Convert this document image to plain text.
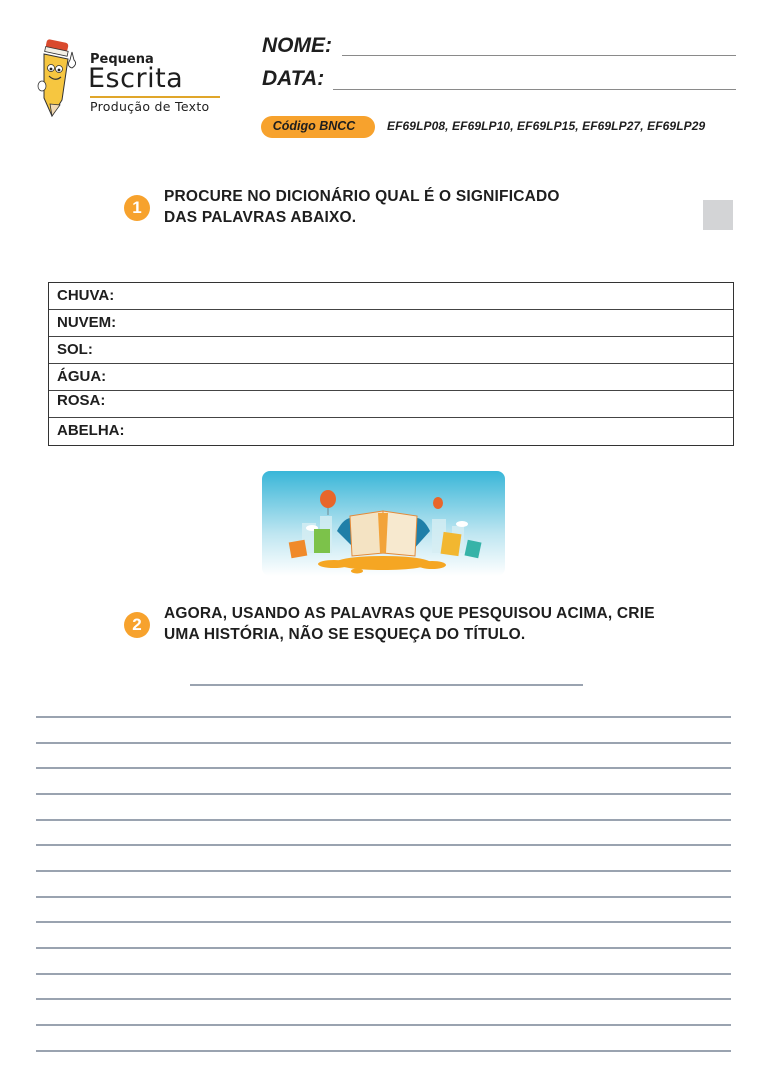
Pequena
Escrita
Produção de Texto
NOME:
DATA:
Código BNCC	EF69LP08, EF69LP10, EF69LP15, EF69LP27, EF69LP29
1
PROCURE NO DICIONÁRIO QUAL É O SIGNIFICADO
DAS PALAVRAS ABAIXO.
CHUVA:
NUVEM:
SOL:
ÁGUA:
ROSA:
ABELHA:
2
AGORA, USANDO AS PALAVRAS QUE PESQUISOU ACIMA, CRIE
UMA HISTÓRIA, NÃO SE ESQUEÇA DO TÍTULO.
